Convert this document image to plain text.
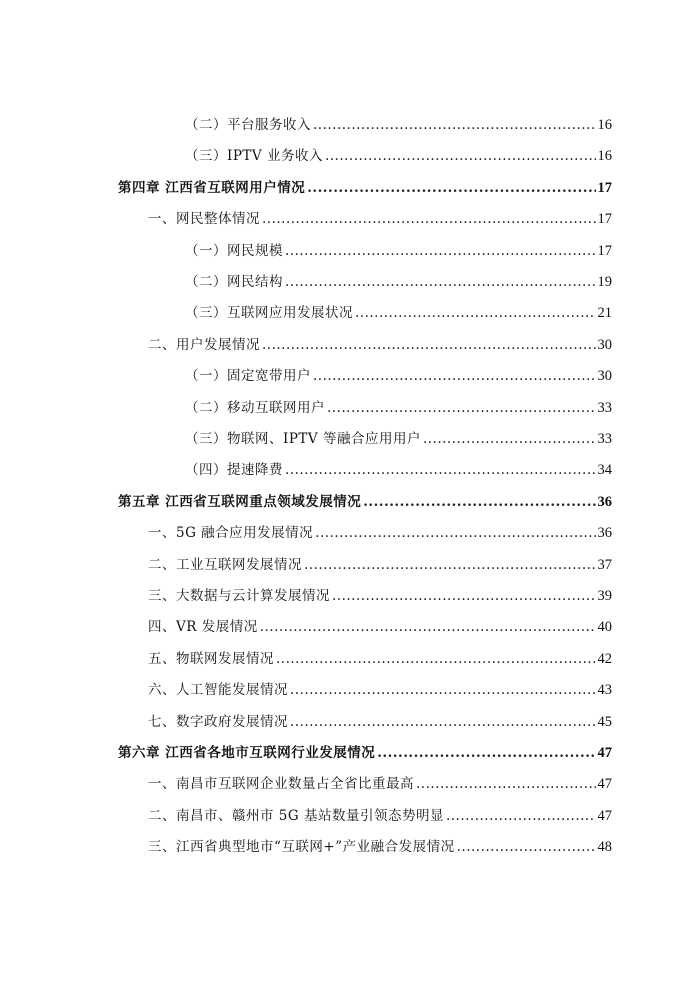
（二）平台服务收入 .....	16
（三）IPTV 业务收入 .....	16
第四章 江西省互联网用户情况 .....	17
一、网民整体情况 .....	17
（一）网民规模 .....	17
（二）网民结构 .....	19
（三）互联网应用发展状况 .....	21
二、用户发展情况 .....	30
（一）固定宽带用户 .....	30
（二）移动互联网用户 .....	33
（三）物联网、IPTV 等融合应用用户 .....	33
（四）提速降费 .....	34
第五章 江西省互联网重点领域发展情况 .....	36
一、5G 融合应用发展情况 .....	36
二、工业互联网发展情况 .....	37
三、大数据与云计算发展情况 .....	39
四、VR 发展情况 .....	40
五、物联网发展情况 .....	42
六、人工智能发展情况 .....	43
七、数字政府发展情况 .....	45
第六章 江西省各地市互联网行业发展情况 .....	47
一、南昌市互联网企业数量占全省比重最高 .....	47
二、南昌市、赣州市 5G 基站数量引领态势明显 .....	47
三、江西省典型地市“互联网+”产业融合发展情况 .....	48
